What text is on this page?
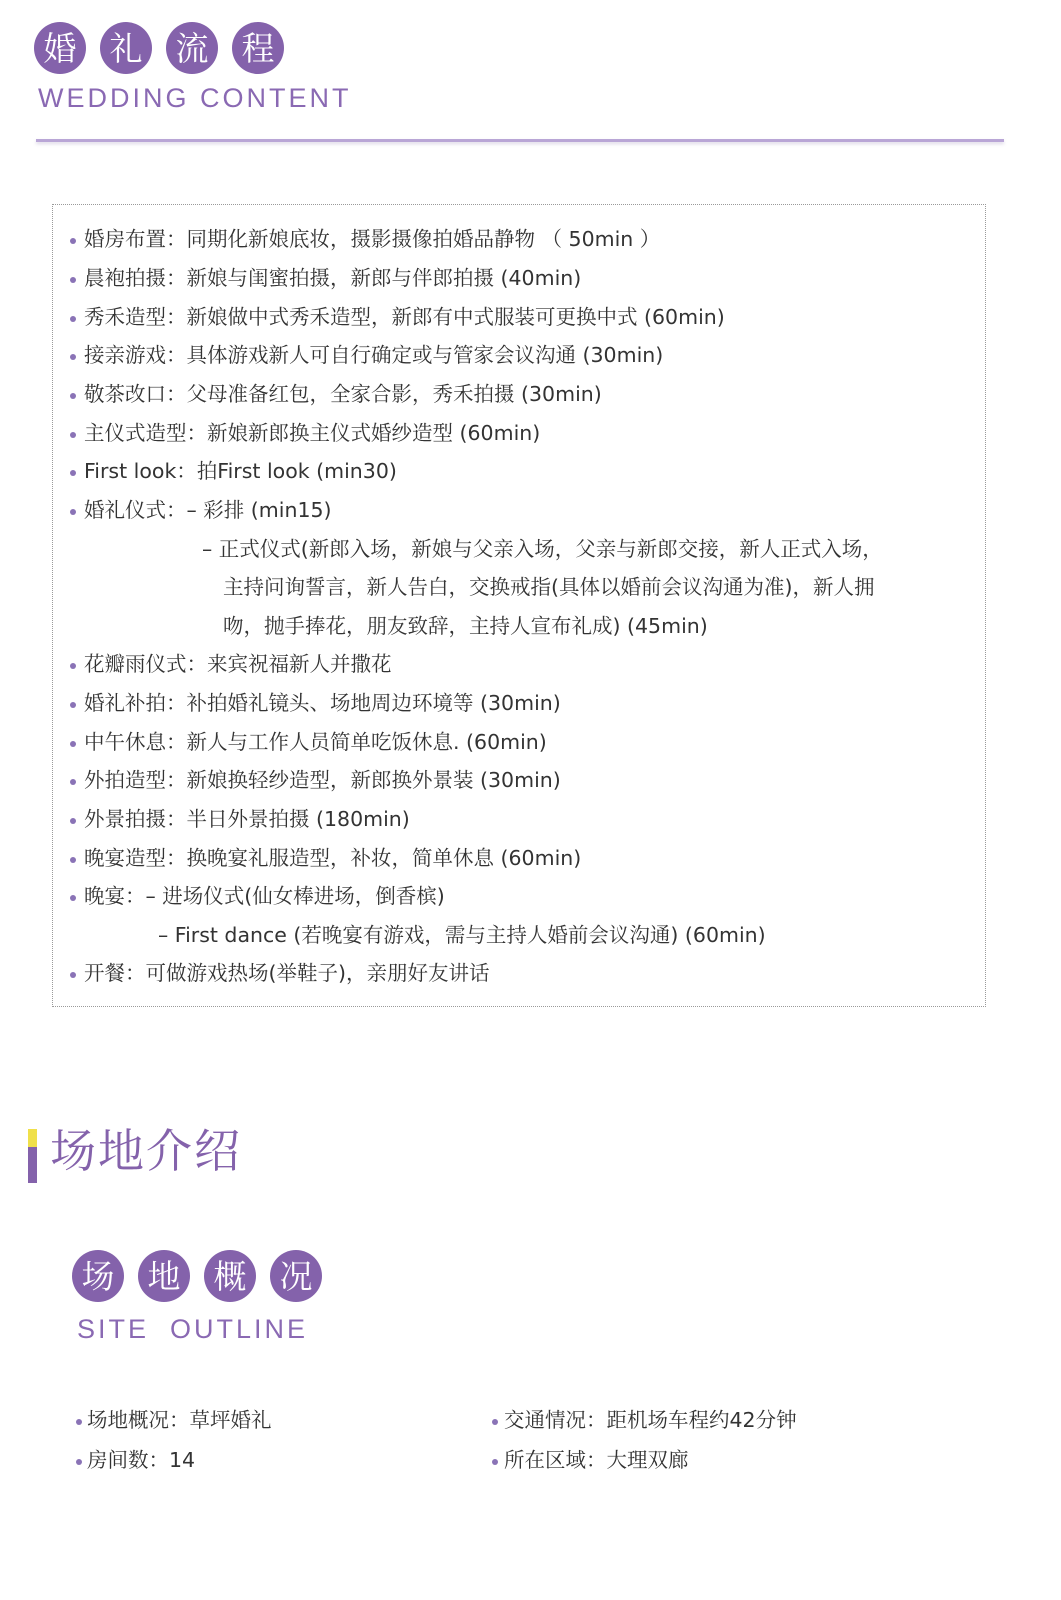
婚 礼 流 程
WEDDING CONTENT
婚房布置：同期化新娘底妆，摄影摄像拍婚品静物 （ 50min ）
晨袍拍摄：新娘与闺蜜拍摄，新郎与伴郎拍摄 (40min)
秀禾造型：新娘做中式秀禾造型，新郎有中式服装可更换中式 (60min)
接亲游戏：具体游戏新人可自行确定或与管家会议沟通 (30min)
敬茶改口：父母准备红包，全家合影，秀禾拍摄 (30min)
主仪式造型：新娘新郎换主仪式婚纱造型 (60min)
First look：拍First look (min30)
婚礼仪式：– 彩排 (min15)
– 正式仪式(新郎入场，新娘与父亲入场，父亲与新郎交接，新人正式入场，
主持问询誓言，新人告白，交换戒指(具体以婚前会议沟通为准)，新人拥
吻，抛手捧花，朋友致辞，主持人宣布礼成) (45min)
花瓣雨仪式：来宾祝福新人并撒花
婚礼补拍：补拍婚礼镜头、场地周边环境等 (30min)
中午休息：新人与工作人员简单吃饭休息. (60min)
外拍造型：新娘换轻纱造型，新郎换外景装 (30min)
外景拍摄：半日外景拍摄 (180min)
晚宴造型：换晚宴礼服造型，补妆，简单休息 (60min)
晚宴：– 进场仪式(仙女棒进场，倒香槟)
– First dance (若晚宴有游戏，需与主持人婚前会议沟通) (60min)
开餐：可做游戏热场(举鞋子)，亲朋好友讲话
场地介绍
场 地 概 况
SITE  OUTLINE
场地概况：草坪婚礼	交通情况：距机场车程约42分钟
房间数：14	所在区域：大理双廊
